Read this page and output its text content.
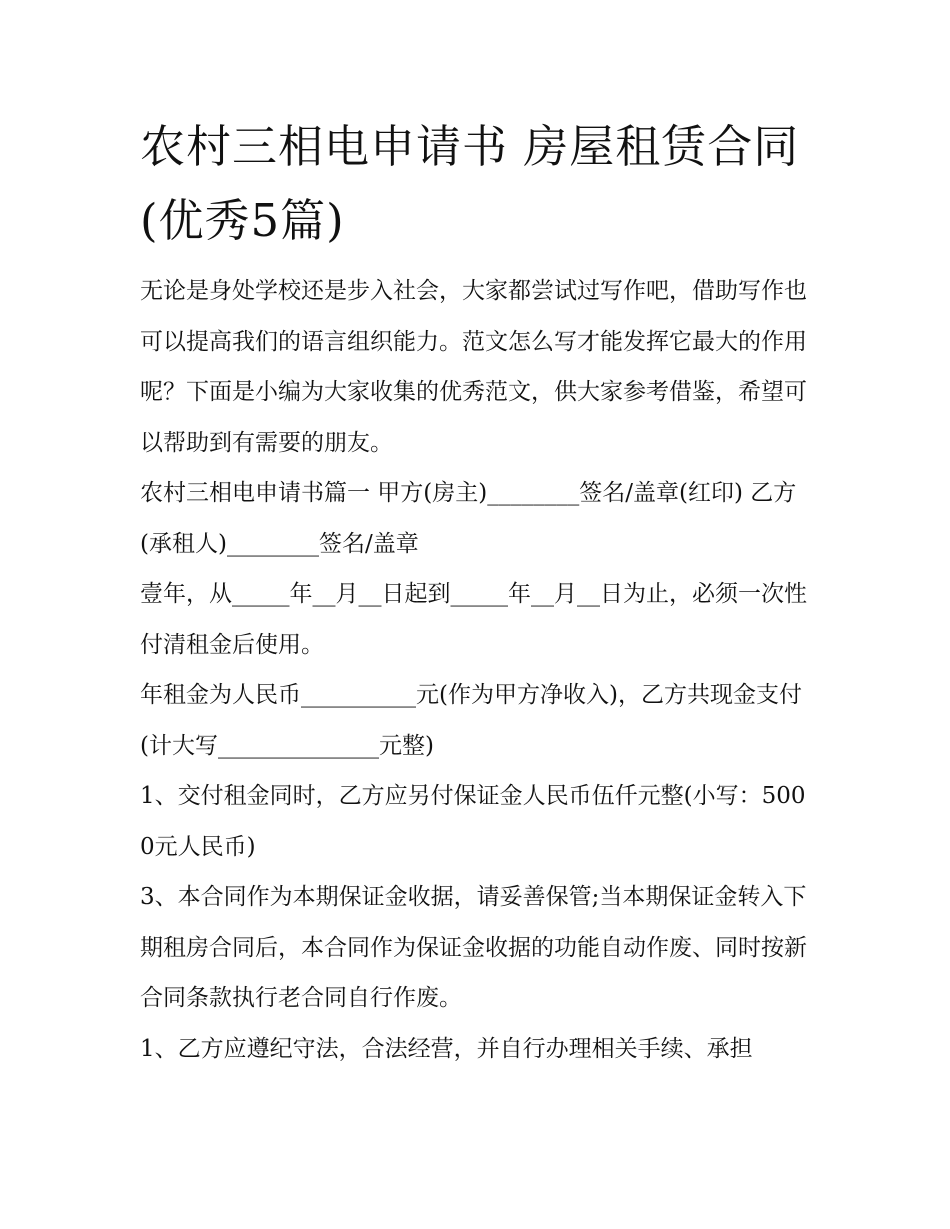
农村三相电申请书 房屋租赁合同(优秀5篇)

无论是身处学校还是步入社会，大家都尝试过写作吧，借助写作也可以提高我们的语言组织能力。范文怎么写才能发挥它最大的作用呢？下面是小编为大家收集的优秀范文，供大家参考借鉴，希望可以帮助到有需要的朋友。

农村三相电申请书篇一 甲方(房主)________签名/盖章(红印) 乙方(承租人)________签名/盖章

壹年，从_____年__月__日起到_____年__月__日为止，必须一次性付清租金后使用。

年租金为人民币__________元(作为甲方净收入)，乙方共现金支付(计大写______________元整)

1、交付租金同时，乙方应另付保证金人民币伍仟元整(小写：5000元人民币)

3、本合同作为本期保证金收据，请妥善保管;当本期保证金转入下期租房合同后，本合同作为保证金收据的功能自动作废、同时按新合同条款执行老合同自行作废。

1、乙方应遵纪守法，合法经营，并自行办理相关手续、承担
